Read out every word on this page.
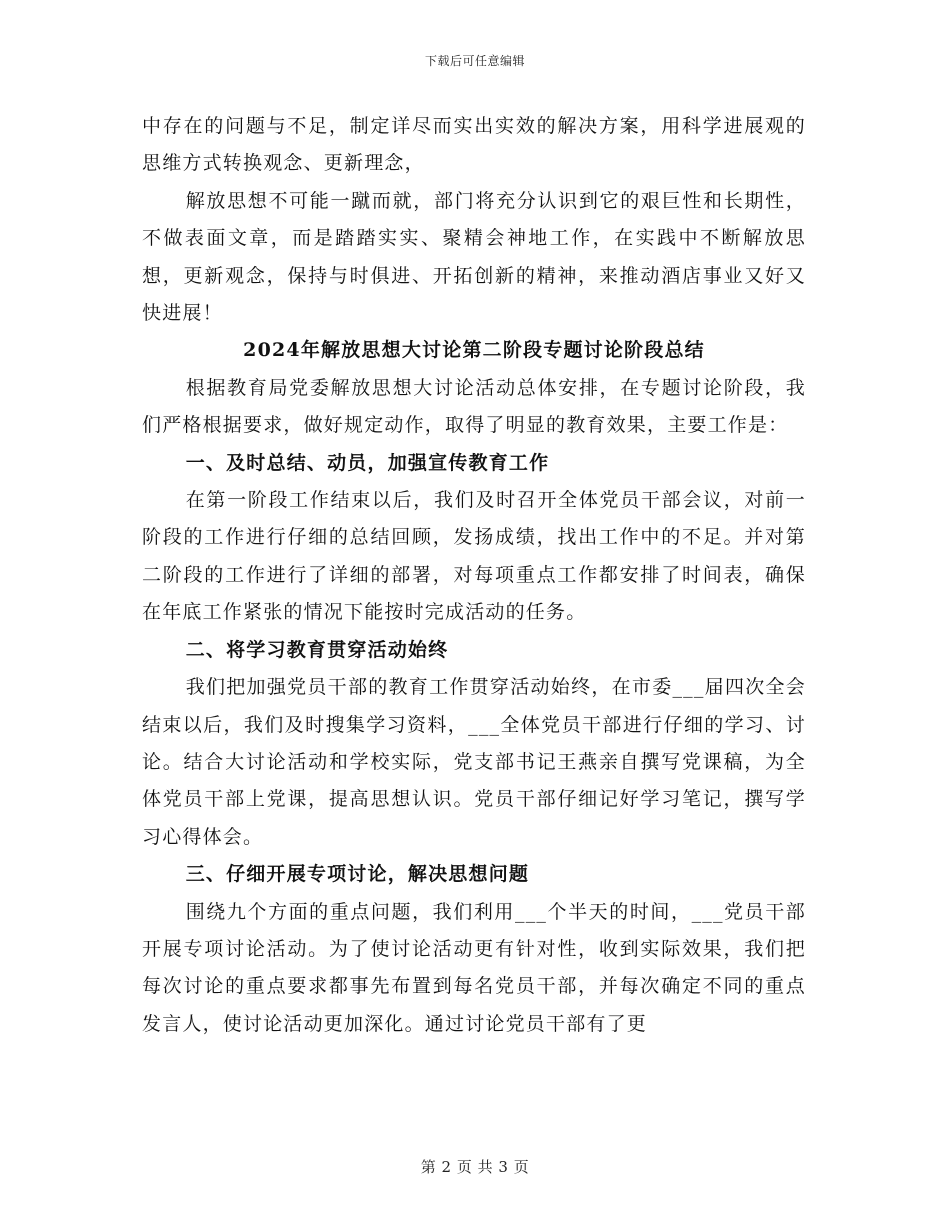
下载后可任意编辑

中存在的问题与不足，制定详尽而实出实效的解决方案，用科学进展观的思维方式转换观念、更新理念，

解放思想不可能一蹴而就，部门将充分认识到它的艰巨性和长期性，不做表面文章，而是踏踏实实、聚精会神地工作，在实践中不断解放思想，更新观念，保持与时俱进、开拓创新的精神，来推动酒店事业又好又快进展！

2024年解放思想大讨论第二阶段专题讨论阶段总结

根据教育局党委解放思想大讨论活动总体安排，在专题讨论阶段，我们严格根据要求，做好规定动作，取得了明显的教育效果，主要工作是：

一、及时总结、动员，加强宣传教育工作

在第一阶段工作结束以后，我们及时召开全体党员干部会议，对前一阶段的工作进行仔细的总结回顾，发扬成绩，找出工作中的不足。并对第二阶段的工作进行了详细的部署，对每项重点工作都安排了时间表，确保在年底工作紧张的情况下能按时完成活动的任务。

二、将学习教育贯穿活动始终

我们把加强党员干部的教育工作贯穿活动始终，在市委___届四次全会结束以后，我们及时搜集学习资料，___全体党员干部进行仔细的学习、讨论。结合大讨论活动和学校实际，党支部书记王燕亲自撰写党课稿，为全体党员干部上党课，提高思想认识。党员干部仔细记好学习笔记，撰写学习心得体会。

三、仔细开展专项讨论，解决思想问题

围绕九个方面的重点问题，我们利用___个半天的时间，___党员干部开展专项讨论活动。为了使讨论活动更有针对性，收到实际效果，我们把每次讨论的重点要求都事先布置到每名党员干部，并每次确定不同的重点发言人，使讨论活动更加深化。通过讨论党员干部有了更

第 2 页 共 3 页
